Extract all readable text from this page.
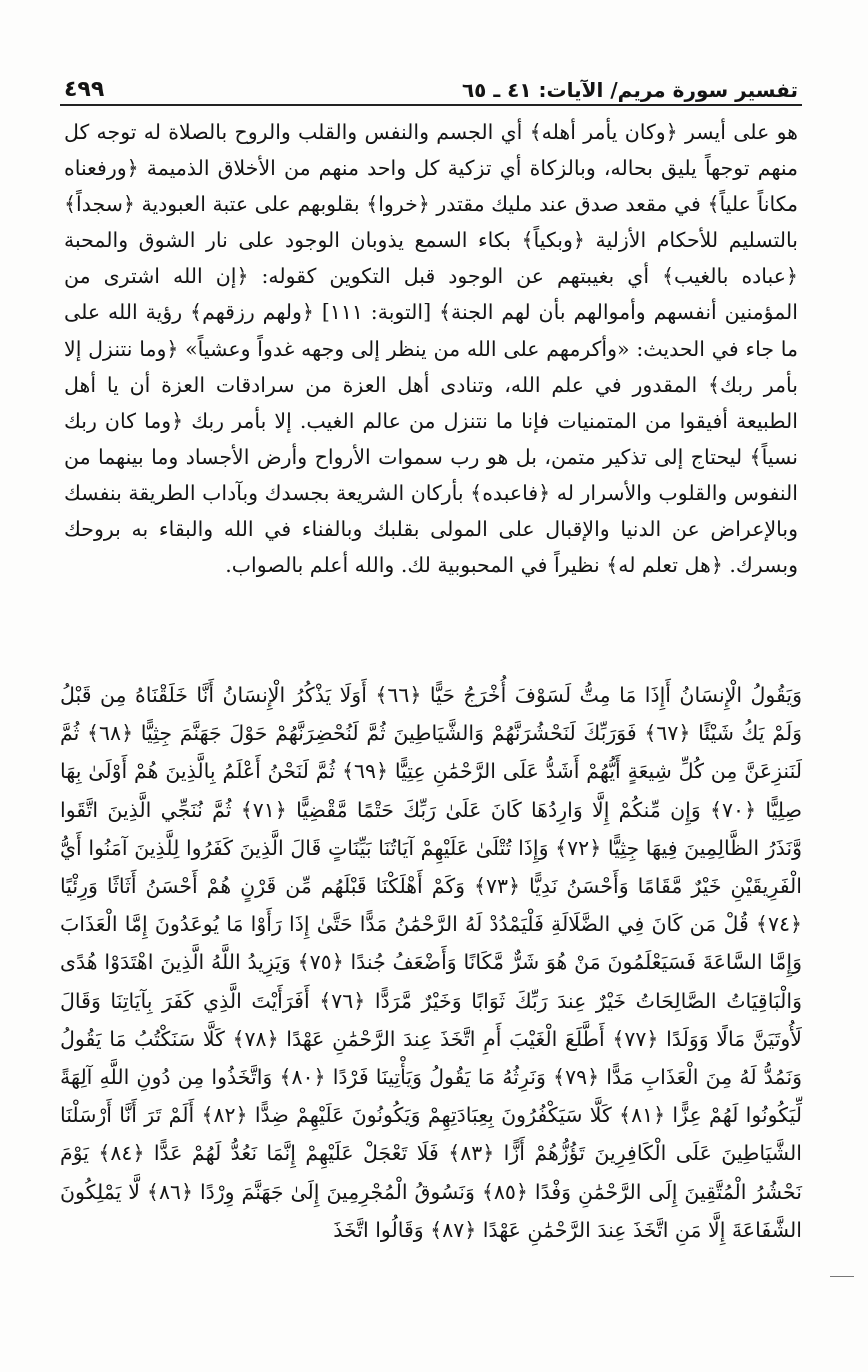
تفسير سورة مريم/ الآيات: ٤١ ـ ٦٥
٤٩٩

هو على أيسر ﴿وكان يأمر أهله﴾ أي الجسم والنفس والقلب والروح بالصلاة له توجه كل منهم توجهاً يليق بحاله، وبالزكاة أي تزكية كل واحد منهم من الأخلاق الذميمة ﴿ورفعناه مكاناً علياً﴾ في مقعد صدق عند مليك مقتدر ﴿خروا﴾ بقلوبهم على عتبة العبودية ﴿سجداً﴾ بالتسليم للأحكام الأزلية ﴿وبكياً﴾ بكاء السمع يذوبان الوجود على نار الشوق والمحبة ﴿عباده بالغيب﴾ أي بغيبتهم عن الوجود قبل التكوين كقوله: ﴿إن الله اشترى من المؤمنين أنفسهم وأموالهم بأن لهم الجنة﴾ [التوبة: ١١١] ﴿ولهم رزقهم﴾ رؤية الله على ما جاء في الحديث: «وأكرمهم على الله من ينظر إلى وجهه غدواً وعشياً» ﴿وما نتنزل إلا بأمر ربك﴾ المقدور في علم الله، وتنادى أهل العزة من سرادقات العزة أن يا أهل الطبيعة أفيقوا من المتمنيات فإنا ما نتنزل من عالم الغيب. إلا بأمر ربك ﴿وما كان ربك نسياً﴾ ليحتاج إلى تذكير متمن، بل هو رب سموات الأرواح وأرض الأجساد وما بينهما من النفوس والقلوب والأسرار له ﴿فاعبده﴾ بأركان الشريعة بجسدك وبآداب الطريقة بنفسك وبالإعراض عن الدنيا والإقبال على المولى بقلبك وبالفناء في الله والبقاء به بروحك وبسرك. ﴿هل تعلم له﴾ نظيراً في المحبوبية لك. والله أعلم بالصواب.

وَيَقُولُ الْإِنسَانُ أَإِذَا مَا مِتُّ لَسَوْفَ أُخْرَجُ حَيًّا ﴿٦٦﴾ أَوَلَا يَذْكُرُ الْإِنسَانُ أَنَّا خَلَقْنَاهُ مِن قَبْلُ وَلَمْ يَكُ شَيْئًا ﴿٦٧﴾ فَوَرَبِّكَ لَنَحْشُرَنَّهُمْ وَالشَّيَاطِينَ ثُمَّ لَنُحْضِرَنَّهُمْ حَوْلَ جَهَنَّمَ جِثِيًّا ﴿٦٨﴾ ثُمَّ لَنَنزِعَنَّ مِن كُلِّ شِيعَةٍ أَيُّهُمْ أَشَدُّ عَلَى الرَّحْمَٰنِ عِتِيًّا ﴿٦٩﴾ ثُمَّ لَنَحْنُ أَعْلَمُ بِالَّذِينَ هُمْ أَوْلَىٰ بِهَا صِلِيًّا ﴿٧٠﴾ وَإِن مِّنكُمْ إِلَّا وَارِدُهَا كَانَ عَلَىٰ رَبِّكَ حَتْمًا مَّقْضِيًّا ﴿٧١﴾ ثُمَّ نُنَجِّي الَّذِينَ اتَّقَوا وَّنَذَرُ الظَّالِمِينَ فِيهَا جِثِيًّا ﴿٧٢﴾ وَإِذَا تُتْلَىٰ عَلَيْهِمْ آيَاتُنَا بَيِّنَاتٍ قَالَ الَّذِينَ كَفَرُوا لِلَّذِينَ آمَنُوا أَيُّ الْفَرِيقَيْنِ خَيْرٌ مَّقَامًا وَأَحْسَنُ نَدِيًّا ﴿٧٣﴾ وَكَمْ أَهْلَكْنَا قَبْلَهُم مِّن قَرْنٍ هُمْ أَحْسَنُ أَثَاثًا وَرِئْيًا ﴿٧٤﴾ قُلْ مَن كَانَ فِي الضَّلَالَةِ فَلْيَمْدُدْ لَهُ الرَّحْمَٰنُ مَدًّا حَتَّىٰ إِذَا رَأَوْا مَا يُوعَدُونَ إِمَّا الْعَذَابَ وَإِمَّا السَّاعَةَ فَسَيَعْلَمُونَ مَنْ هُوَ شَرٌّ مَّكَانًا وَأَضْعَفُ جُندًا ﴿٧٥﴾ وَيَزِيدُ اللَّهُ الَّذِينَ اهْتَدَوْا هُدًى وَالْبَاقِيَاتُ الصَّالِحَاتُ خَيْرٌ عِندَ رَبِّكَ ثَوَابًا وَخَيْرٌ مَّرَدًّا ﴿٧٦﴾ أَفَرَأَيْتَ الَّذِي كَفَرَ بِآيَاتِنَا وَقَالَ لَأُوتَيَنَّ مَالًا وَوَلَدًا ﴿٧٧﴾ أَطَّلَعَ الْغَيْبَ أَمِ اتَّخَذَ عِندَ الرَّحْمَٰنِ عَهْدًا ﴿٧٨﴾ كَلَّا سَنَكْتُبُ مَا يَقُولُ وَنَمُدُّ لَهُ مِنَ الْعَذَابِ مَدًّا ﴿٧٩﴾ وَنَرِثُهُ مَا يَقُولُ وَيَأْتِينَا فَرْدًا ﴿٨٠﴾ وَاتَّخَذُوا مِن دُونِ اللَّهِ آلِهَةً لِّيَكُونُوا لَهُمْ عِزًّا ﴿٨١﴾ كَلَّا سَيَكْفُرُونَ بِعِبَادَتِهِمْ وَيَكُونُونَ عَلَيْهِمْ ضِدًّا ﴿٨٢﴾ أَلَمْ تَرَ أَنَّا أَرْسَلْنَا الشَّيَاطِينَ عَلَى الْكَافِرِينَ تَؤُزُّهُمْ أَزًّا ﴿٨٣﴾ فَلَا تَعْجَلْ عَلَيْهِمْ إِنَّمَا نَعُدُّ لَهُمْ عَدًّا ﴿٨٤﴾ يَوْمَ نَحْشُرُ الْمُتَّقِينَ إِلَى الرَّحْمَٰنِ وَفْدًا ﴿٨٥﴾ وَنَسُوقُ الْمُجْرِمِينَ إِلَىٰ جَهَنَّمَ وِرْدًا ﴿٨٦﴾ لَّا يَمْلِكُونَ الشَّفَاعَةَ إِلَّا مَنِ اتَّخَذَ عِندَ الرَّحْمَٰنِ عَهْدًا ﴿٨٧﴾ وَقَالُوا اتَّخَذَ
